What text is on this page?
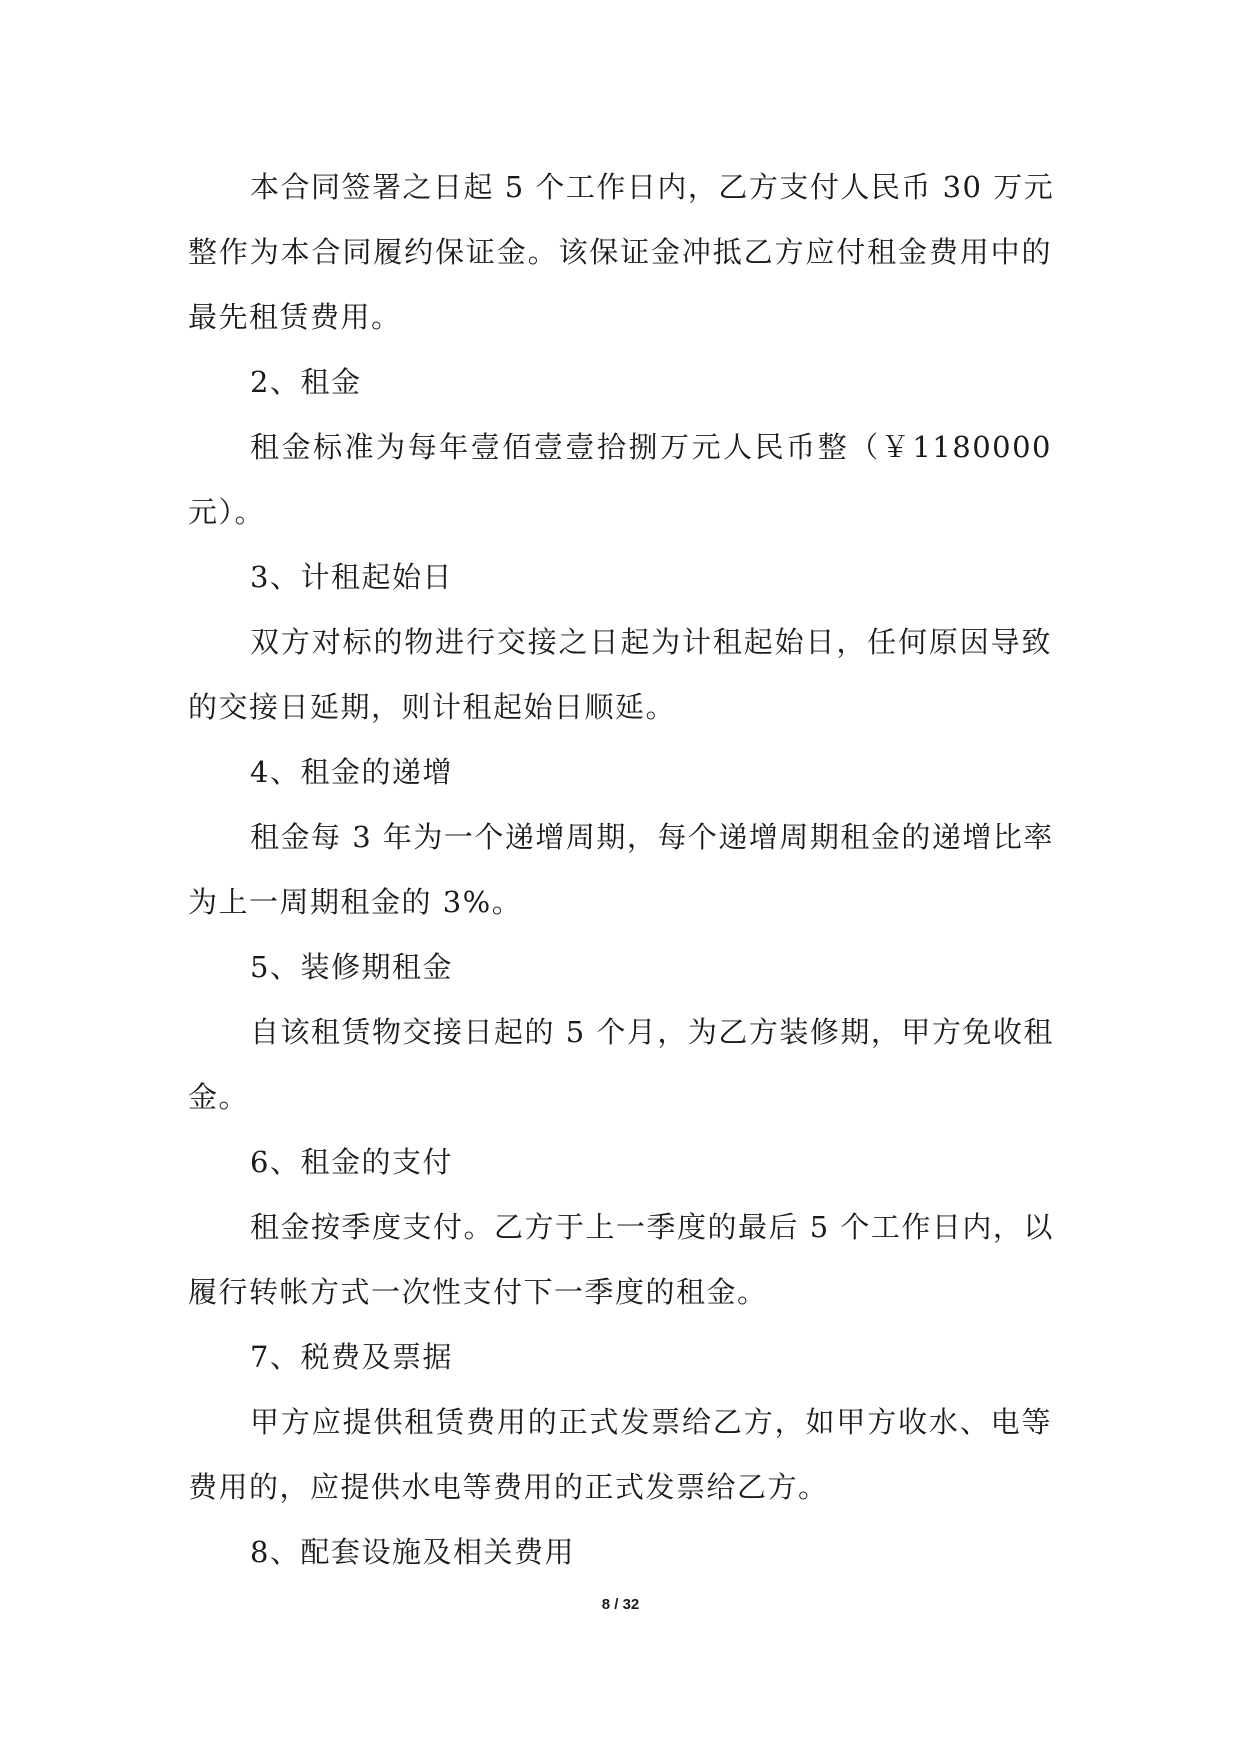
本合同签署之日起 5 个工作日内，乙方支付人民币 30 万元
整作为本合同履约保证金。该保证金冲抵乙方应付租金费用中的
最先租赁费用。
2、租金
租金标准为每年壹佰壹壹拾捌万元人民币整（￥1180000
元）。
3、计租起始日
双方对标的物进行交接之日起为计租起始日，任何原因导致
的交接日延期，则计租起始日顺延。
4、租金的递增
租金每 3 年为一个递增周期，每个递增周期租金的递增比率
为上一周期租金的 3%。
5、装修期租金
自该租赁物交接日起的 5 个月，为乙方装修期，甲方免收租
金。
6、租金的支付
租金按季度支付。乙方于上一季度的最后 5 个工作日内，以
履行转帐方式一次性支付下一季度的租金。
7、税费及票据
甲方应提供租赁费用的正式发票给乙方，如甲方收水、电等
费用的，应提供水电等费用的正式发票给乙方。
8、配套设施及相关费用
8 / 32
